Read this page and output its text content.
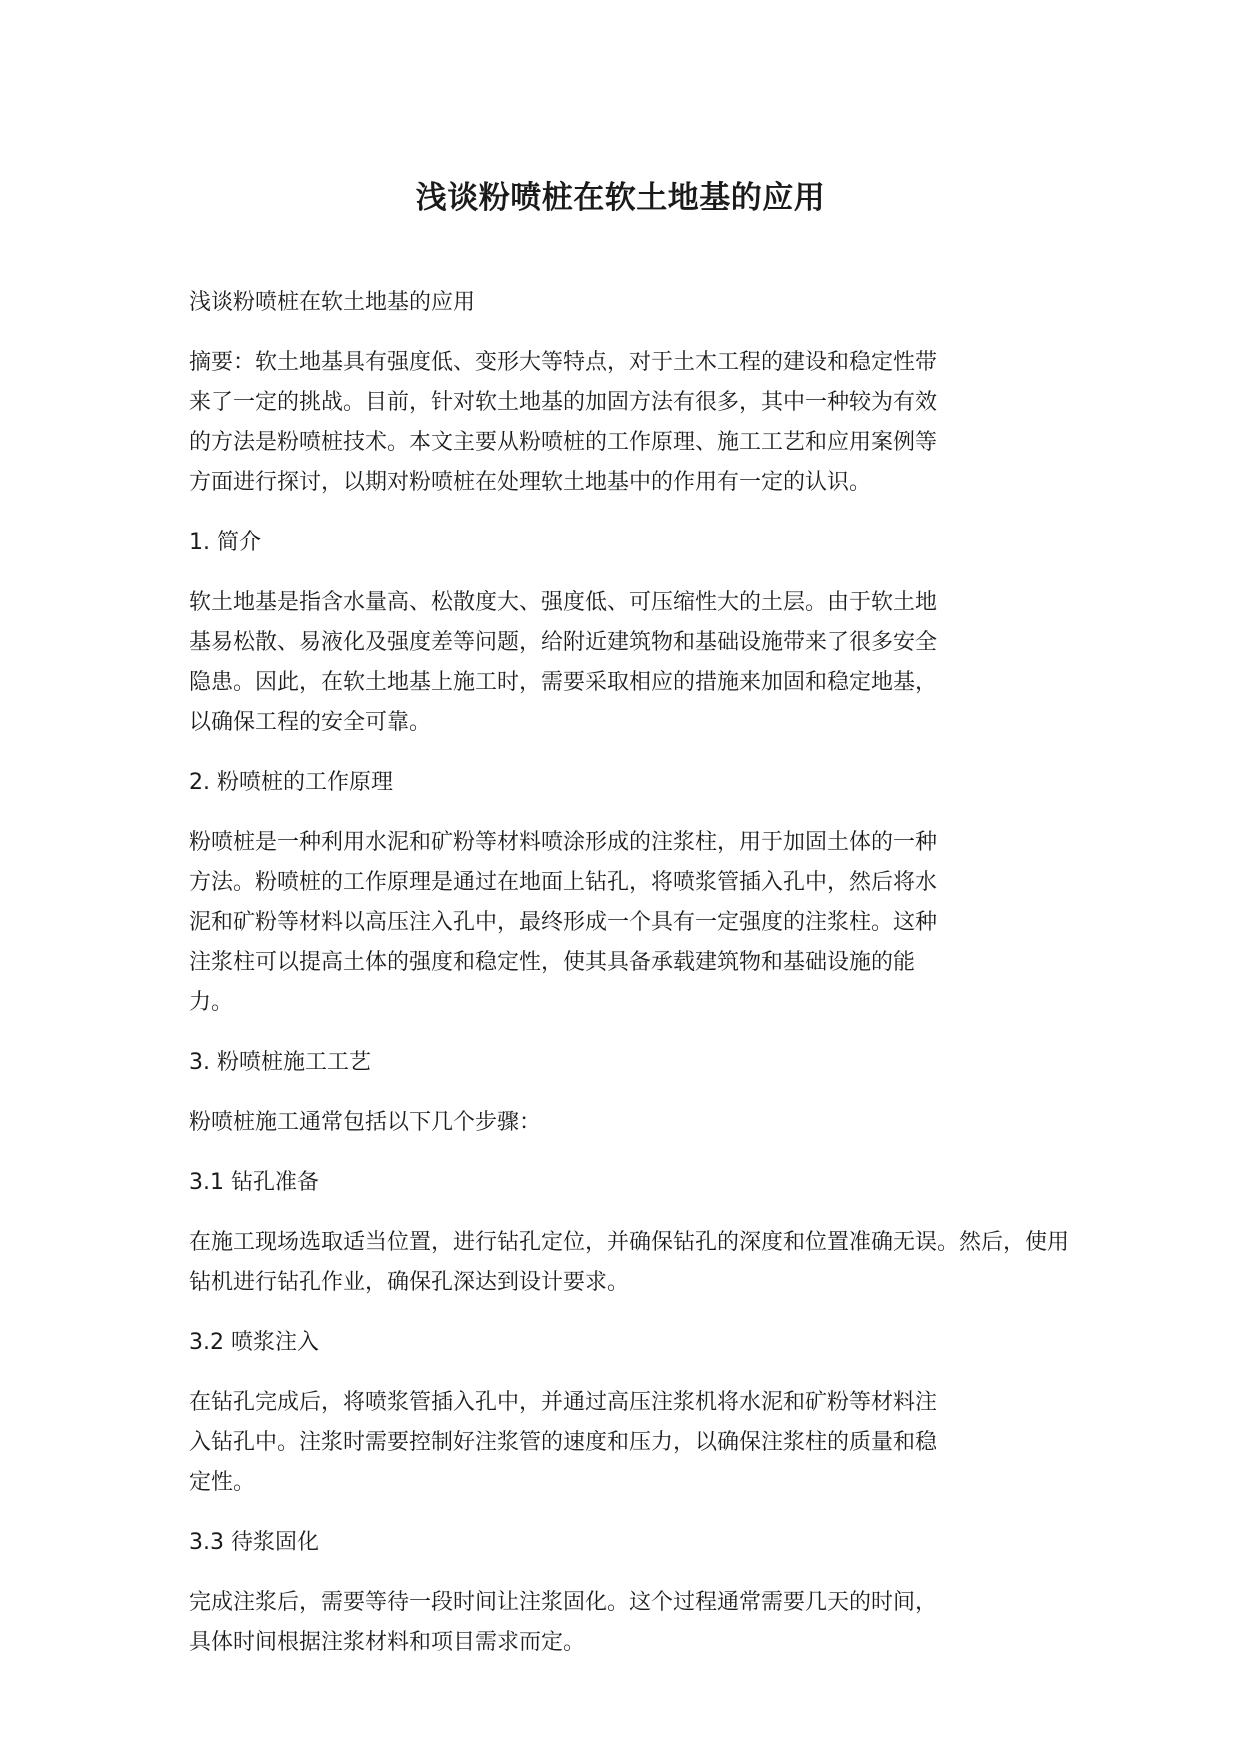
浅谈粉喷桩在软土地基的应用

浅谈粉喷桩在软土地基的应用

摘要：软土地基具有强度低、变形大等特点，对于土木工程的建设和稳定性带来了一定的挑战。目前，针对软土地基的加固方法有很多，其中一种较为有效的方法是粉喷桩技术。本文主要从粉喷桩的工作原理、施工工艺和应用案例等方面进行探讨，以期对粉喷桩在处理软土地基中的作用有一定的认识。

1. 简介

软土地基是指含水量高、松散度大、强度低、可压缩性大的土层。由于软土地基易松散、易液化及强度差等问题，给附近建筑物和基础设施带来了很多安全隐患。因此，在软土地基上施工时，需要采取相应的措施来加固和稳定地基，以确保工程的安全可靠。

2. 粉喷桩的工作原理

粉喷桩是一种利用水泥和矿粉等材料喷涂形成的注浆柱，用于加固土体的一种方法。粉喷桩的工作原理是通过在地面上钻孔，将喷浆管插入孔中，然后将水泥和矿粉等材料以高压注入孔中，最终形成一个具有一定强度的注浆柱。这种注浆柱可以提高土体的强度和稳定性，使其具备承载建筑物和基础设施的能力。

3. 粉喷桩施工工艺

粉喷桩施工通常包括以下几个步骤：

3.1 钻孔准备

在施工现场选取适当位置，进行钻孔定位，并确保钻孔的深度和位置准确无误。然后，使用钻机进行钻孔作业，确保孔深达到设计要求。

3.2 喷浆注入

在钻孔完成后，将喷浆管插入孔中，并通过高压注浆机将水泥和矿粉等材料注入钻孔中。注浆时需要控制好注浆管的速度和压力，以确保注浆柱的质量和稳定性。

3.3 待浆固化

完成注浆后，需要等待一段时间让注浆固化。这个过程通常需要几天的时间，具体时间根据注浆材料和项目需求而定。
